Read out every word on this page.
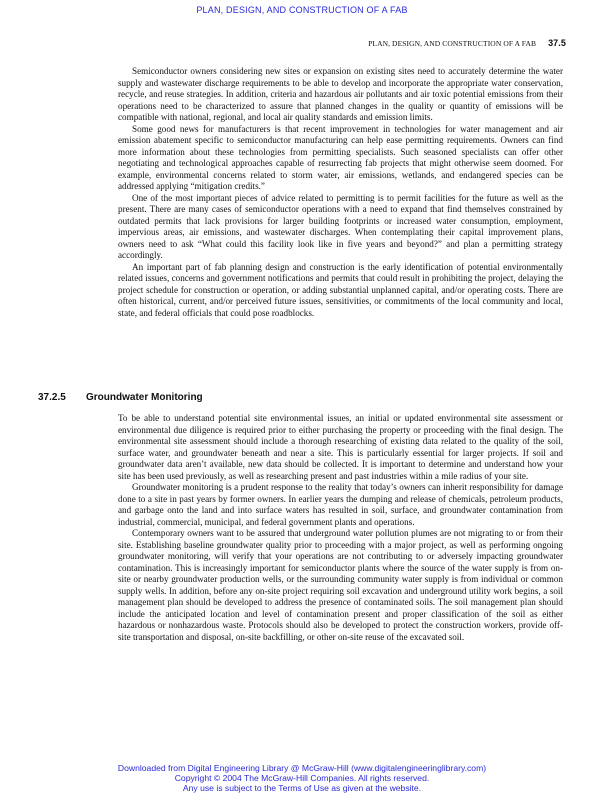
PLAN, DESIGN, AND CONSTRUCTION OF A FAB
PLAN, DESIGN, AND CONSTRUCTION OF A FAB 37.5

Semiconductor owners considering new sites or expansion on existing sites need to accurately determine the water supply and wastewater discharge requirements to be able to develop and incorporate the appropriate water conservation, recycle, and reuse strategies. In addition, criteria and hazardous air pollutants and air toxic potential emissions from their operations need to be characterized to assure that planned changes in the quality or quantity of emissions will be compatible with national, regional, and local air quality standards and emission limits.

Some good news for manufacturers is that recent improvement in technologies for water management and air emission abatement specific to semiconductor manufacturing can help ease permitting requirements. Owners can find more information about these technologies from permitting specialists. Such seasoned specialists can offer other negotiating and technological approaches capable of resurrecting fab projects that might otherwise seem doomed. For example, environmental concerns related to storm water, air emissions, wetlands, and endangered species can be addressed applying “mitigation credits.”

One of the most important pieces of advice related to permitting is to permit facilities for the future as well as the present. There are many cases of semiconductor operations with a need to expand that find themselves constrained by outdated permits that lack provisions for larger building footprints or increased water consumption, employment, impervious areas, air emissions, and wastewater discharges. When contemplating their capital improvement plans, owners need to ask “What could this facility look like in five years and beyond?” and plan a permitting strategy accordingly.

An important part of fab planning design and construction is the early identification of potential environmentally related issues, concerns and government notifications and permits that could result in prohibiting the project, delaying the project schedule for construction or operation, or adding substantial unplanned capital, and/or operating costs. There are often historical, current, and/or perceived future issues, sensitivities, or commitments of the local community and local, state, and federal officials that could pose roadblocks.

37.2.5 Groundwater Monitoring

To be able to understand potential site environmental issues, an initial or updated environmental site assessment or environmental due diligence is required prior to either purchasing the property or proceeding with the final design. The environmental site assessment should include a thorough researching of existing data related to the quality of the soil, surface water, and groundwater beneath and near a site. This is particularly essential for larger projects. If soil and groundwater data aren’t available, new data should be collected. It is important to determine and understand how your site has been used previously, as well as researching present and past industries within a mile radius of your site.

Groundwater monitoring is a prudent response to the reality that today’s owners can inherit responsibility for damage done to a site in past years by former owners. In earlier years the dumping and release of chemicals, petroleum products, and garbage onto the land and into surface waters has resulted in soil, surface, and groundwater contamination from industrial, commercial, municipal, and federal government plants and operations.

Contemporary owners want to be assured that underground water pollution plumes are not migrating to or from their site. Establishing baseline groundwater quality prior to proceeding with a major project, as well as performing ongoing groundwater monitoring, will verify that your operations are not contributing to or adversely impacting groundwater contamination. This is increasingly important for semiconductor plants where the source of the water supply is from on-site or nearby groundwater production wells, or the surrounding community water supply is from individual or common supply wells. In addition, before any on-site project requiring soil excavation and underground utility work begins, a soil management plan should be developed to address the presence of contaminated soils. The soil management plan should include the anticipated location and level of contamination present and proper classification of the soil as either hazardous or nonhazardous waste. Protocols should also be developed to protect the construction workers, provide off-site transportation and disposal, on-site backfilling, or other on-site reuse of the excavated soil.

Downloaded from Digital Engineering Library @ McGraw-Hill (www.digitalengineeringlibrary.com)
Copyright © 2004 The McGraw-Hill Companies. All rights reserved.
Any use is subject to the Terms of Use as given at the website.
